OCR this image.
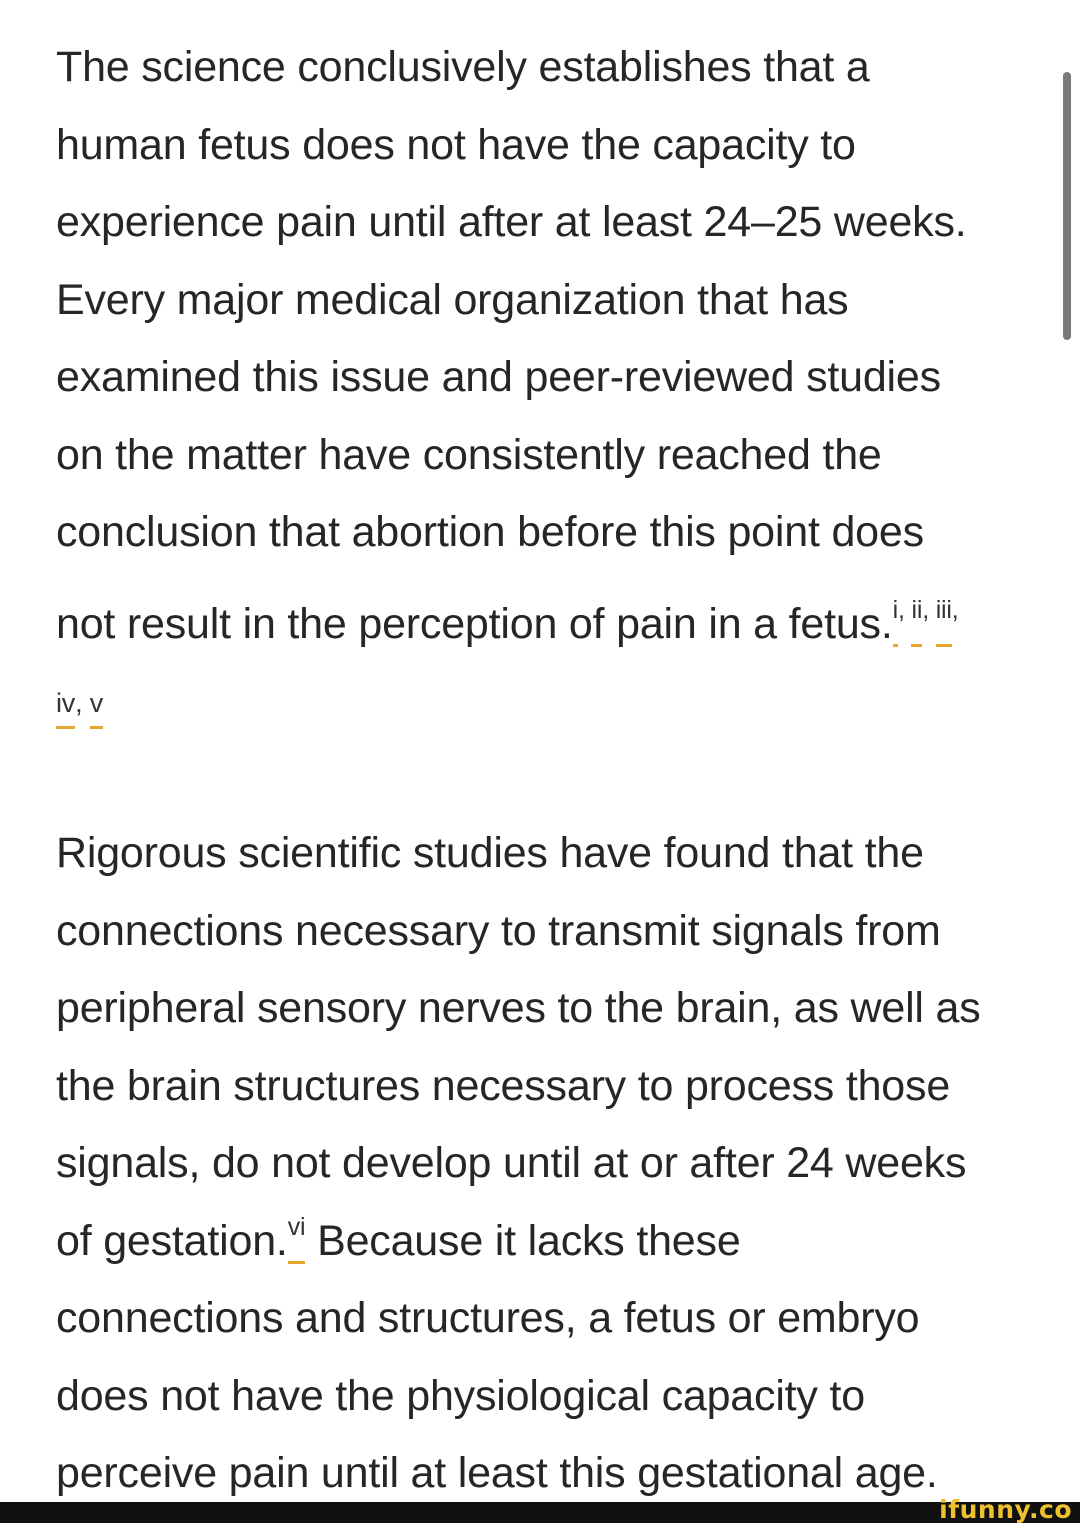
The science conclusively establishes that a
human fetus does not have the capacity to
experience pain until after at least 24–25 weeks.
Every major medical organization that has
examined this issue and peer-reviewed studies
on the matter have consistently reached the
conclusion that abortion before this point does
not result in the perception of pain in a fetus.i, ii, iii,
iv, v

Rigorous scientific studies have found that the
connections necessary to transmit signals from
peripheral sensory nerves to the brain, as well as
the brain structures necessary to process those
signals, do not develop until at or after 24 weeks
of gestation.vi Because it lacks these
connections and structures, a fetus or embryo
does not have the physiological capacity to
perceive pain until at least this gestational age.

ifunny.co
